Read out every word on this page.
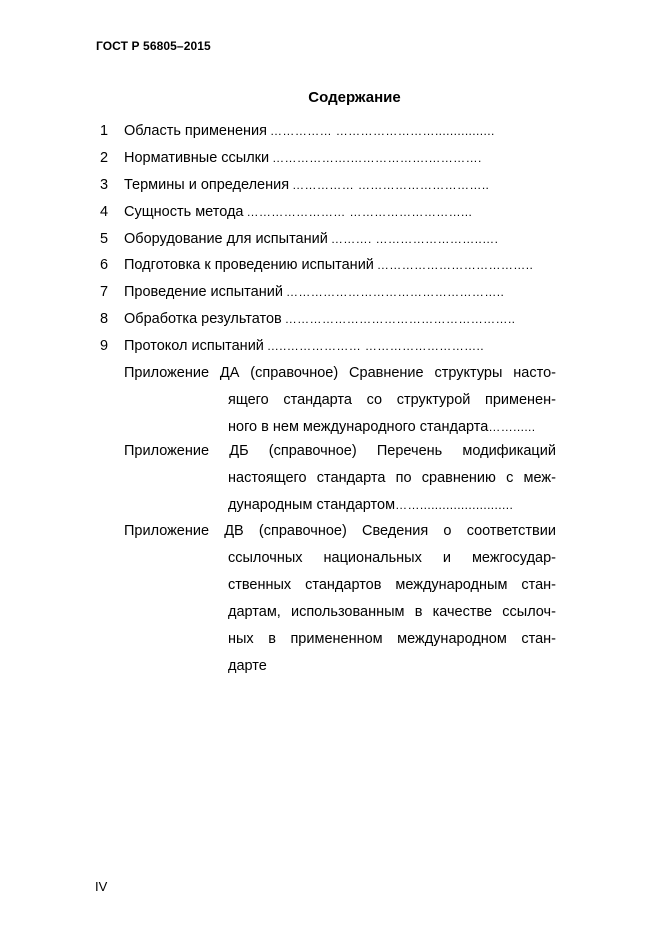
ГОСТ Р 56805–2015
Содержание
1	Область применения …………… ……………………................
2	Нормативные ссылки ……………….……………….………….
3	Термины и определения …………… …………………………..
4	Сущность метода …………………… ………………………...
5	Оборудование для испытаний ………. ……………………..….
6	Подготовка к проведению испытаний ………………………………..
7	Проведение испытаний ……………………………………………..
8	Обработка результатов ………………………………………………..
9	Протокол испытаний …..……………… ………………………..
Приложение ДА (справочное) Сравнение структуры насто-
ящего стандарта со структурой применен-
ного в нем международного стандарта ……......
Приложение ДБ (справочное) Перечень модификаций
настоящего стандарта по сравнению с меж-
дународным стандартом …….........................
Приложение ДВ (справочное) Сведения о соответствии
ссылочных национальных и межгосудар-
ственных стандартов международным стан-
дартам, использованным в качестве ссылоч-
ных в примененном международном стан-
дарте
IV
